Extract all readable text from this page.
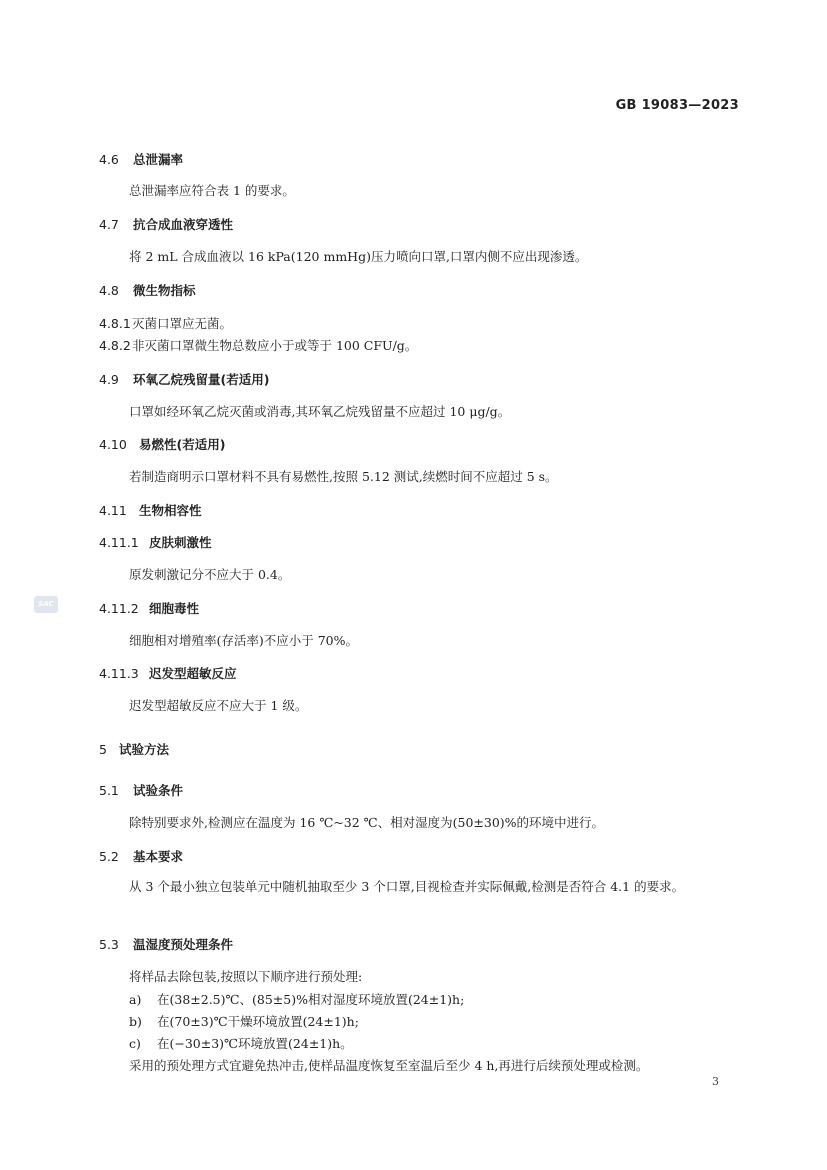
GB 19083—2023
SAC
4.6 总泄漏率
总泄漏率应符合表 1 的要求。
4.7 抗合成血液穿透性
将 2 mL 合成血液以 16 kPa(120 mmHg)压力喷向口罩,口罩内侧不应出现渗透。
4.8 微生物指标
4.8.1灭菌口罩应无菌。
4.8.2非灭菌口罩微生物总数应小于或等于 100 CFU/g。
4.9 环氧乙烷残留量(若适用)
口罩如经环氧乙烷灭菌或消毒,其环氧乙烷残留量不应超过 10 μg/g。
4.10 易燃性(若适用)
若制造商明示口罩材料不具有易燃性,按照 5.12 测试,续燃时间不应超过 5 s。
4.11 生物相容性
4.11.1 皮肤刺激性
原发刺激记分不应大于 0.4。
4.11.2 细胞毒性
细胞相对增殖率(存活率)不应小于 70%。
4.11.3 迟发型超敏反应
迟发型超敏反应不应大于 1 级。
5 试验方法
5.1 试验条件
除特别要求外,检测应在温度为 16 ℃~32 ℃、相对湿度为(50±30)%的环境中进行。
5.2 基本要求
从 3 个最小独立包装单元中随机抽取至少 3 个口罩,目视检查并实际佩戴,检测是否符合 4.1 的要求。
5.3 温湿度预处理条件
将样品去除包装,按照以下顺序进行预处理:
a) 在(38±2.5)℃、(85±5)%相对湿度环境放置(24±1)h;
b) 在(70±3)℃干燥环境放置(24±1)h;
c) 在(−30±3)℃环境放置(24±1)h。
采用的预处理方式宜避免热冲击,使样品温度恢复至室温后至少 4 h,再进行后续预处理或检测。
3
